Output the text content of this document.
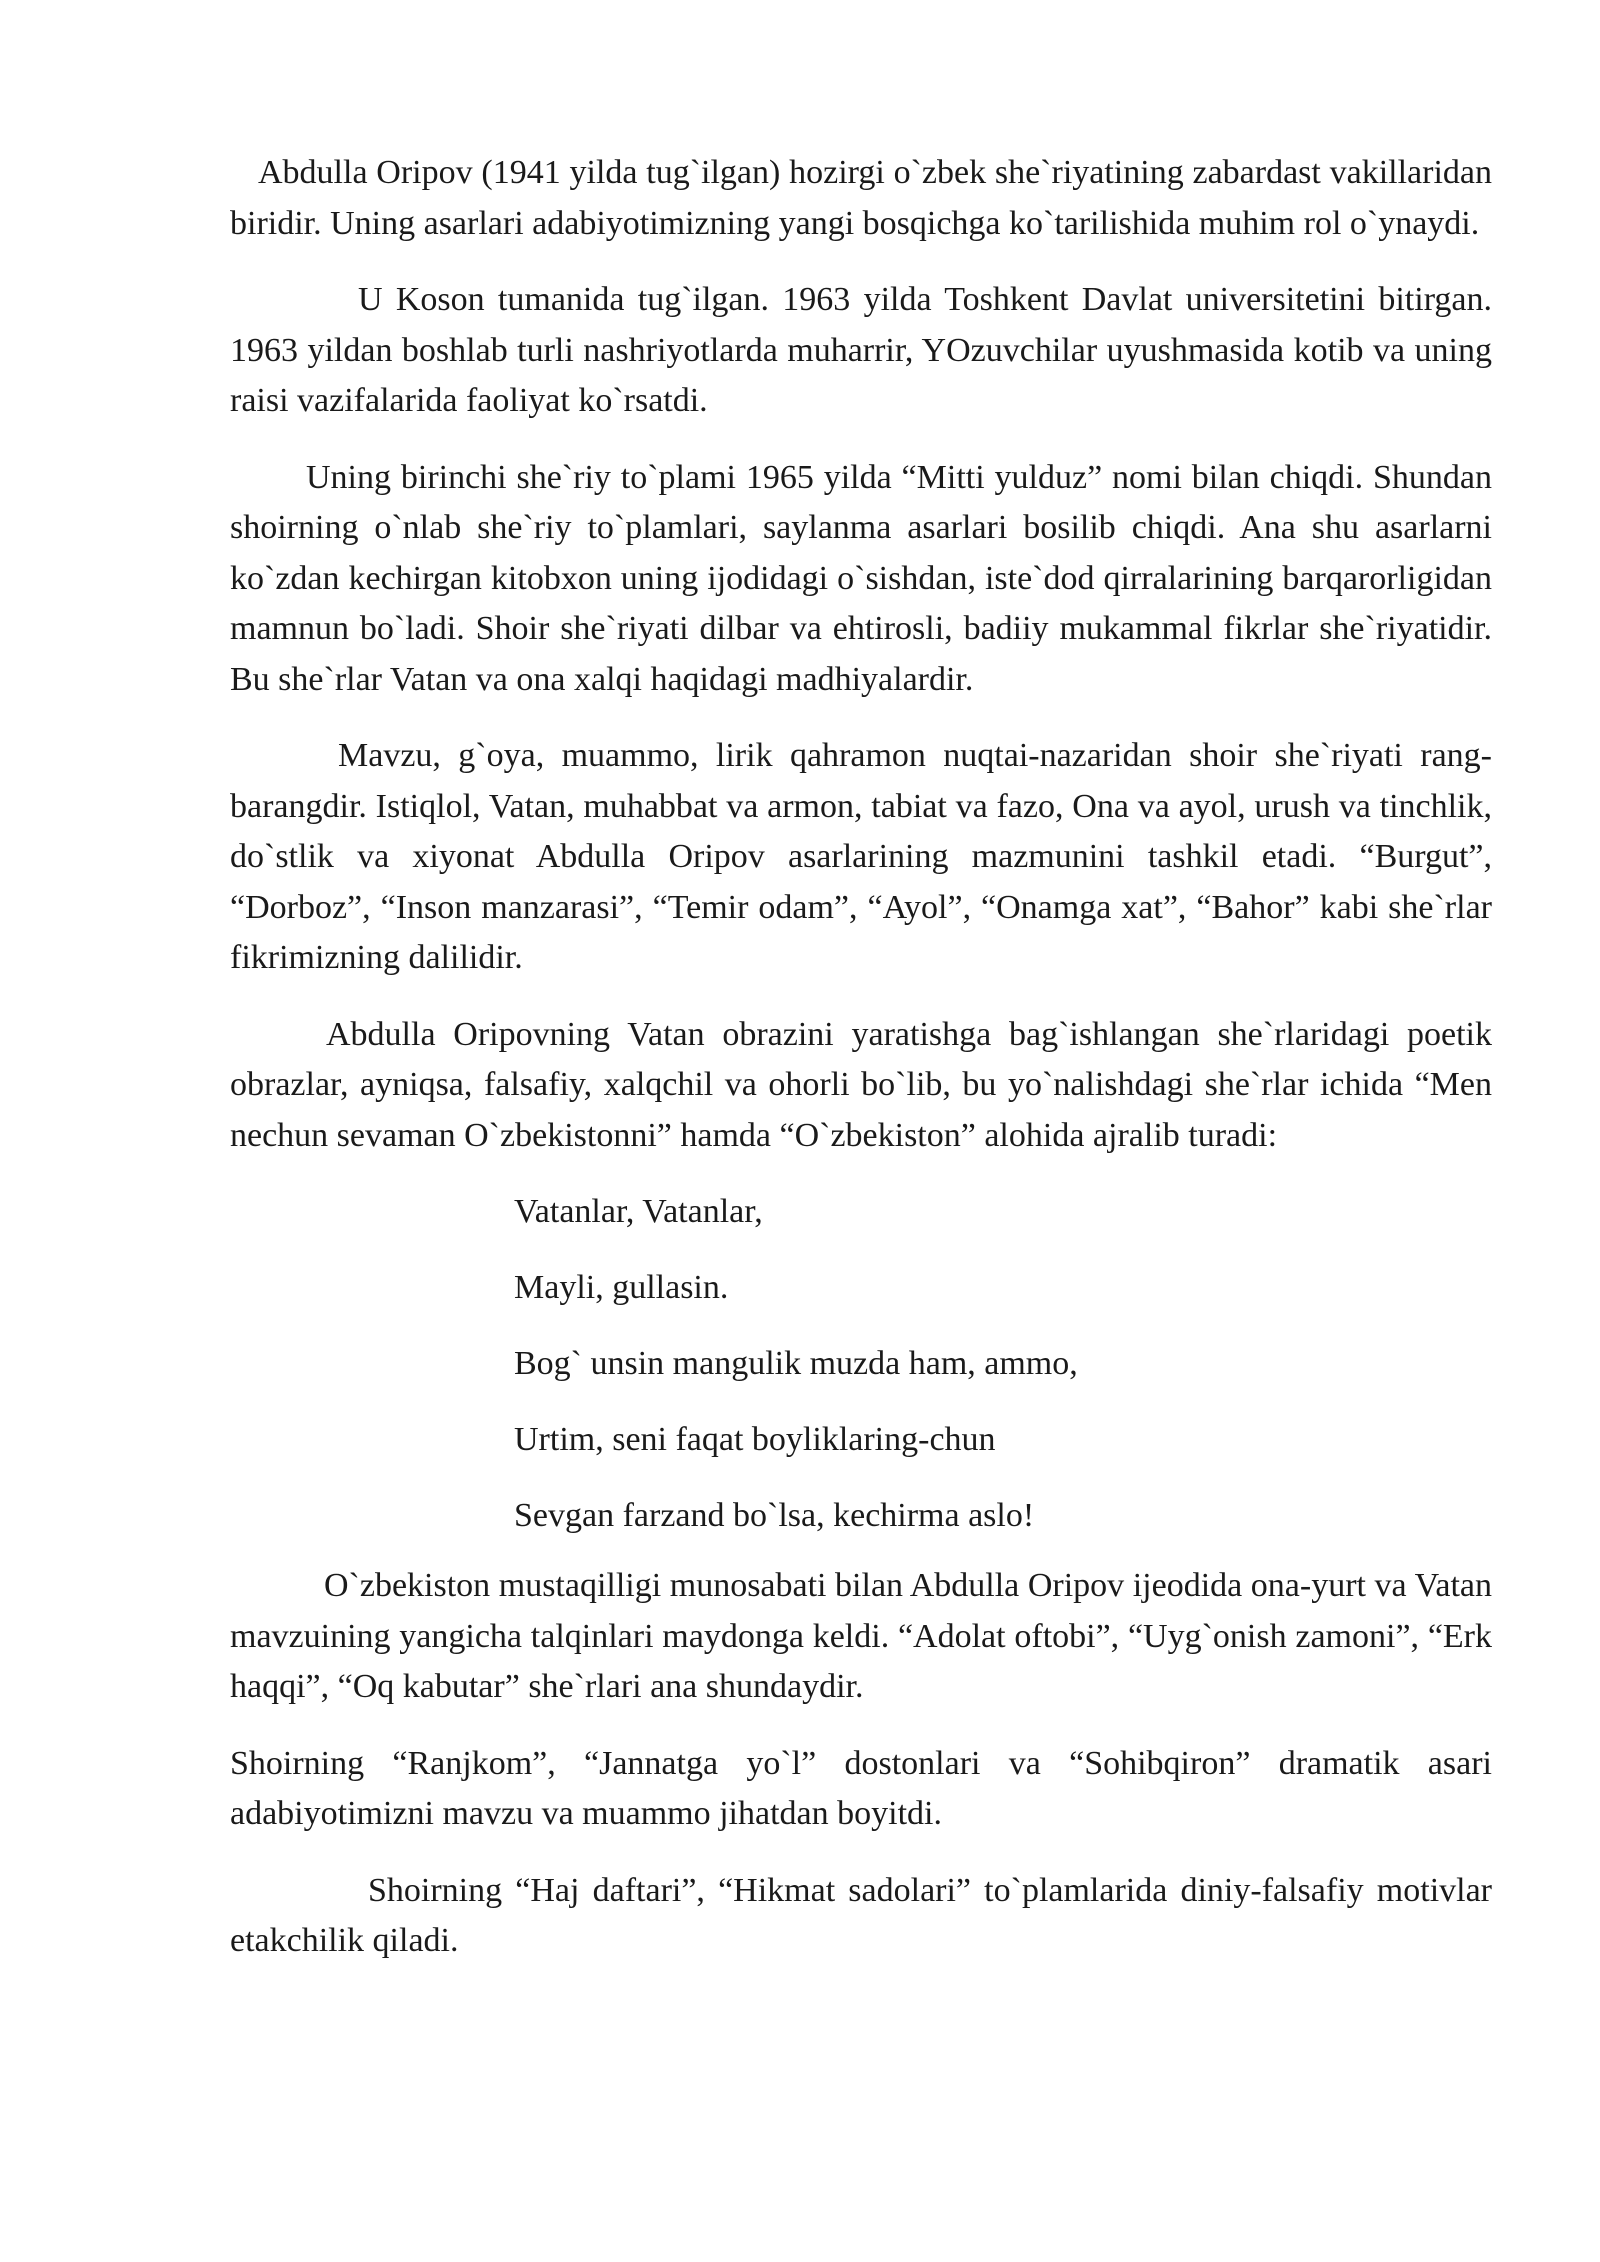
Abdulla Oripov (1941 yilda tug`ilgan) hozirgi o`zbek she`riyatining zabardast vakillaridan biridir. Uning asarlari adabiyotimizning yangi bosqichga ko`tarilishida muhim rol o`ynaydi.

U Koson tumanida tug`ilgan. 1963 yilda Toshkent Davlat universitetini bitirgan. 1963 yildan boshlab turli nashriyotlarda muharrir, YOzuvchilar uyushmasida kotib va uning raisi vazifalarida faoliyat ko`rsatdi.

Uning birinchi she`riy to`plami 1965 yilda “Mitti yulduz” nomi bilan chiqdi. Shundan shoirning o`nlab she`riy to`plamlari, saylanma asarlari bosilib chiqdi. Ana shu asarlarni ko`zdan kechirgan kitobxon uning ijodidagi o`sishdan, iste`dod qirralarining barqarorligidan mamnun bo`ladi. Shoir she`riyati dilbar va ehtirosli, badiiy mukammal fikrlar she`riyatidir. Bu she`rlar Vatan va ona xalqi haqidagi madhiyalardir.

Mavzu, g`oya, muammo, lirik qahramon nuqtai-nazaridan shoir she`riyati rang-barangdir. Istiqlol, Vatan, muhabbat va armon, tabiat va fazo, Ona va ayol, urush va tinchlik, do`stlik va xiyonat Abdulla Oripov asarlarining mazmunini tashkil etadi. “Burgut”, “Dorboz”, “Inson manzarasi”, “Temir odam”, “Ayol”, “Onamga xat”, “Bahor” kabi she`rlar fikrimizning dalilidir.

Abdulla Oripovning Vatan obrazini yaratishga bag`ishlangan she`rlaridagi poetik obrazlar, ayniqsa, falsafiy, xalqchil va ohorli bo`lib, bu yo`nalishdagi she`rlar ichida “Men nechun sevaman O`zbekistonni” hamda “O`zbekiston” alohida ajralib turadi:

Vatanlar, Vatanlar,
Mayli, gullasin.
Bog` unsin mangulik muzda ham, ammo,
Urtim, seni faqat boyliklaring-chun
Sevgan farzand bo`lsa, kechirma aslo!

O`zbekiston mustaqilligi munosabati bilan Abdulla Oripov ijeodida ona-yurt va Vatan mavzuining yangicha talqinlari maydonga keldi. “Adolat oftobi”, “Uyg`onish zamoni”, “Erk haqqi”, “Oq kabutar” she`rlari ana shundaydir.

Shoirning “Ranjkom”, “Jannatga yo`l” dostonlari va “Sohibqiron” dramatik asari adabiyotimizni mavzu va muammo jihatdan boyitdi.

Shoirning “Haj daftari”, “Hikmat sadolari” to`plamlarida diniy-falsafiy motivlar etakchilik qiladi.
